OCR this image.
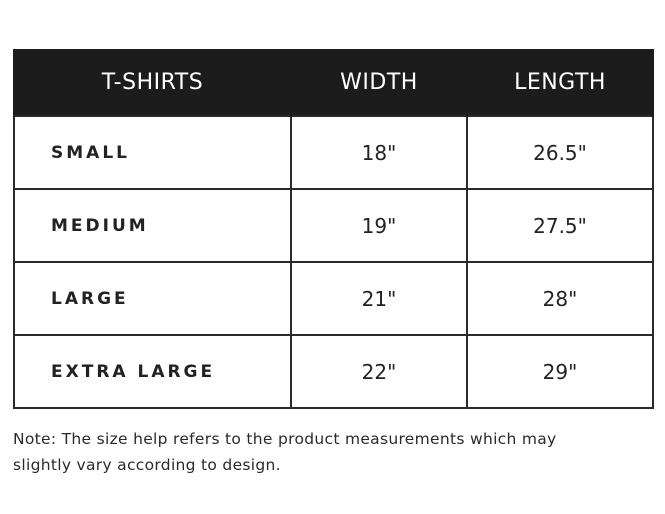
T-SHIRTS	WIDTH	LENGTH
SMALL	18"	26.5"
MEDIUM	19"	27.5"
LARGE	21"	28"
EXTRA LARGE	22"	29"

Note: The size help refers to the product measurements which may
slightly vary according to design.
